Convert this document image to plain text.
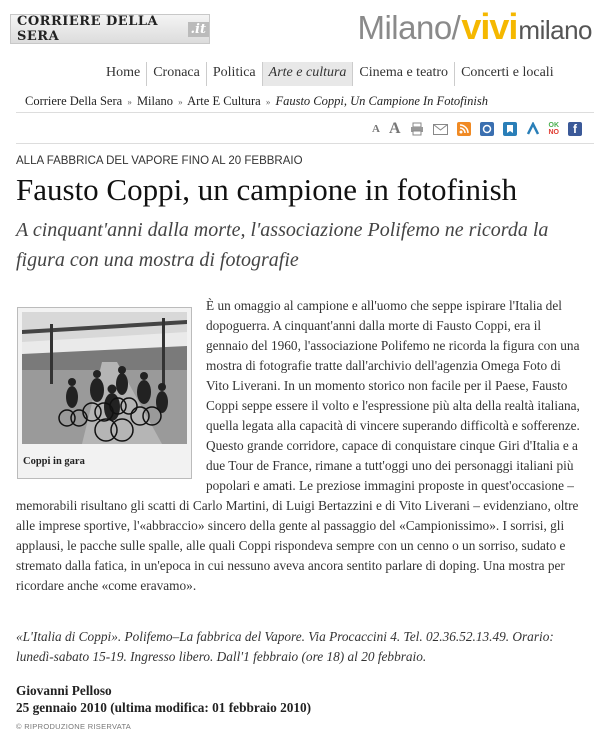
CORRIERE DELLA SERA	.it	Milano/ vivi milano
Home Cronaca Politica Arte e cultura Cinema e teatro Concerti e locali
Corriere Della Sera » Milano » Arte E Cultura » Fausto Coppi, Un Campione In Fotofinish
A A	OK
NO f
ALLA FABBRICA DEL VAPORE FINO AL 20 FEBBRAIO
Fausto Coppi, un campione in fotofinish
A cinquant'anni dalla morte, l'associazione Polifemo ne ricorda la figura con una mostra di fotografie
È un omaggio al campione e all'uomo che seppe ispirare l'Italia del dopoguerra. A cinquant'anni dalla morte di Fausto Coppi, era il gennaio del 1960, l'associazione Polifemo ne ricorda la figura con una mostra di fotografie tratte dall'archivio dell'agenzia Omega Foto di Vito Liverani. In un momento storico non facile per il Paese, Fausto Coppi seppe essere il volto e l'espressione più alta della realtà italiana, quella legata alla capacità di vincere superando difficoltà e sofferenze. Questo grande corridore, capace di conquistare cinque Giri d'Italia e a due Tour de France, rimane a tutt'oggi uno dei personaggi italiani più popolari e amati. Le preziose immagini proposte in quest'occasione – memorabili risultano gli scatti di Carlo Martini, di Luigi Bertazzini e di Vito Liverani – evidenziano, oltre alle imprese sportive, l'«abbraccio» sincero della gente al passaggio del «Campionissimo». I sorrisi, gli applausi, le pacche sulle spalle, alle quali Coppi rispondeva sempre con un cenno o un sorriso, sudato e stremato dalla fatica, in un'epoca in cui nessuno aveva ancora sentito parlare di doping. Una mostra per ricordare anche «come eravamo».
Coppi in gara
«L'Italia di Coppi». Polifemo–La fabbrica del Vapore. Via Procaccini 4. Tel. 02.36.52.13.49. Orario: lunedì-sabato 15-19. Ingresso libero. Dall'1 febbraio (ore 18) al 20 febbraio.
Giovanni Pelloso
25 gennaio 2010 (ultima modifica: 01 febbraio 2010)
© RIPRODUZIONE RISERVATA
